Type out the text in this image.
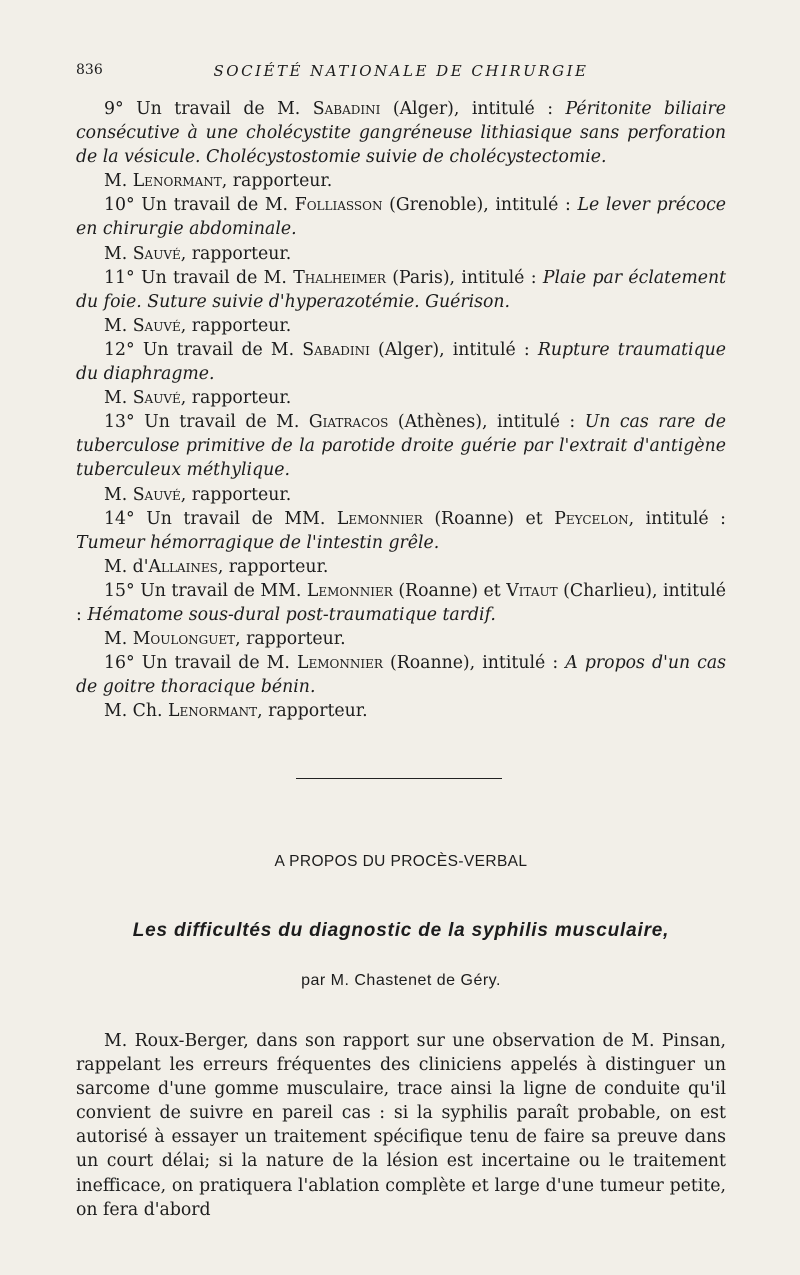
836	SOCIÉTÉ NATIONALE DE CHIRURGIE

9° Un travail de M. Sabadini (Alger), intitulé : Péritonite biliaire consécutive à une cholécystite gangréneuse lithiasique sans perforation de la vésicule. Cholécystostomie suivie de cholécystectomie.

M. Lenormant, rapporteur.

10° Un travail de M. Folliasson (Grenoble), intitulé : Le lever précoce en chirurgie abdominale.

M. Sauvé, rapporteur.

11° Un travail de M. Thalheimer (Paris), intitulé : Plaie par éclatement du foie. Suture suivie d'hyperazotémie. Guérison.

M. Sauvé, rapporteur.

12° Un travail de M. Sabadini (Alger), intitulé : Rupture traumatique du diaphragme.

M. Sauvé, rapporteur.

13° Un travail de M. Giatracos (Athènes), intitulé : Un cas rare de tuberculose primitive de la parotide droite guérie par l'extrait d'antigène tuberculeux méthylique.

M. Sauvé, rapporteur.

14° Un travail de MM. Lemonnier (Roanne) et Peycelon, intitulé : Tumeur hémorragique de l'intestin grêle.

M. d'Allaines, rapporteur.

15° Un travail de MM. Lemonnier (Roanne) et Vitaut (Charlieu), intitulé : Hématome sous-dural post-traumatique tardif.

M. Moulonguet, rapporteur.

16° Un travail de M. Lemonnier (Roanne), intitulé : A propos d'un cas de goitre thoracique bénin.

M. Ch. Lenormant, rapporteur.

A PROPOS DU PROCÈS-VERBAL
Les difficultés du diagnostic de la syphilis musculaire,
par M. Chastenet de Géry.

M. Roux-Berger, dans son rapport sur une observation de M. Pinsan, rappelant les erreurs fréquentes des cliniciens appelés à distinguer un sarcome d'une gomme musculaire, trace ainsi la ligne de conduite qu'il convient de suivre en pareil cas : si la syphilis paraît probable, on est autorisé à essayer un traitement spécifique tenu de faire sa preuve dans un court délai; si la nature de la lésion est incertaine ou le traitement inefficace, on pratiquera l'ablation complète et large d'une tumeur petite, on fera d'abord
